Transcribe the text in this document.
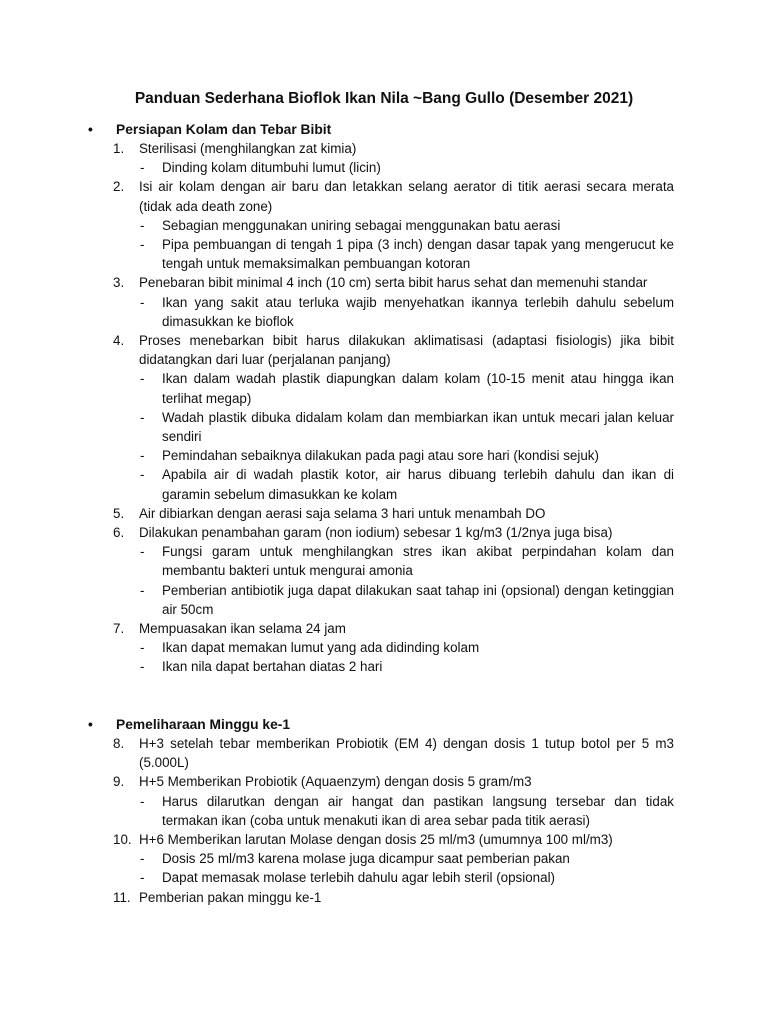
Panduan Sederhana Bioflok Ikan Nila ~Bang Gullo (Desember 2021)
• Persiapan Kolam dan Tebar Bibit
1. Sterilisasi (menghilangkan zat kimia)
- Dinding kolam ditumbuhi lumut (licin)
2. Isi air kolam dengan air baru dan letakkan selang aerator di titik aerasi secara merata (tidak ada death zone)
- Sebagian menggunakan uniring sebagai menggunakan batu aerasi
- Pipa pembuangan di tengah 1 pipa (3 inch) dengan dasar tapak yang mengerucut ke tengah untuk memaksimalkan pembuangan kotoran
3. Penebaran bibit minimal 4 inch (10 cm) serta bibit harus sehat dan memenuhi standar
- Ikan yang sakit atau terluka wajib menyehatkan ikannya terlebih dahulu sebelum dimasukkan ke bioflok
4. Proses menebarkan bibit harus dilakukan aklimatisasi (adaptasi fisiologis) jika bibit didatangkan dari luar (perjalanan panjang)
- Ikan dalam wadah plastik diapungkan dalam kolam (10-15 menit atau hingga ikan terlihat megap)
- Wadah plastik dibuka didalam kolam dan membiarkan ikan untuk mecari jalan keluar sendiri
- Pemindahan sebaiknya dilakukan pada pagi atau sore hari (kondisi sejuk)
- Apabila air di wadah plastik kotor, air harus dibuang terlebih dahulu dan ikan di garamin sebelum dimasukkan ke kolam
5. Air dibiarkan dengan aerasi saja selama 3 hari untuk menambah DO
6. Dilakukan penambahan garam (non iodium) sebesar 1 kg/m3 (1/2nya juga bisa)
- Fungsi garam untuk menghilangkan stres ikan akibat perpindahan kolam dan membantu bakteri untuk mengurai amonia
- Pemberian antibiotik juga dapat dilakukan saat tahap ini (opsional) dengan ketinggian air 50cm
7. Mempuasakan ikan selama 24 jam
- Ikan dapat memakan lumut yang ada didinding kolam
- Ikan nila dapat bertahan diatas 2 hari
• Pemeliharaan Minggu ke-1
8. H+3 setelah tebar memberikan Probiotik (EM 4) dengan dosis 1 tutup botol per 5 m3 (5.000L)
9. H+5 Memberikan Probiotik (Aquaenzym) dengan dosis 5 gram/m3
- Harus dilarutkan dengan air hangat dan pastikan langsung tersebar dan tidak termakan ikan (coba untuk menakuti ikan di area sebar pada titik aerasi)
10. H+6 Memberikan larutan Molase dengan dosis 25 ml/m3 (umumnya 100 ml/m3)
- Dosis 25 ml/m3 karena molase juga dicampur saat pemberian pakan
- Dapat memasak molase terlebih dahulu agar lebih steril (opsional)
11. Pemberian pakan minggu ke-1
